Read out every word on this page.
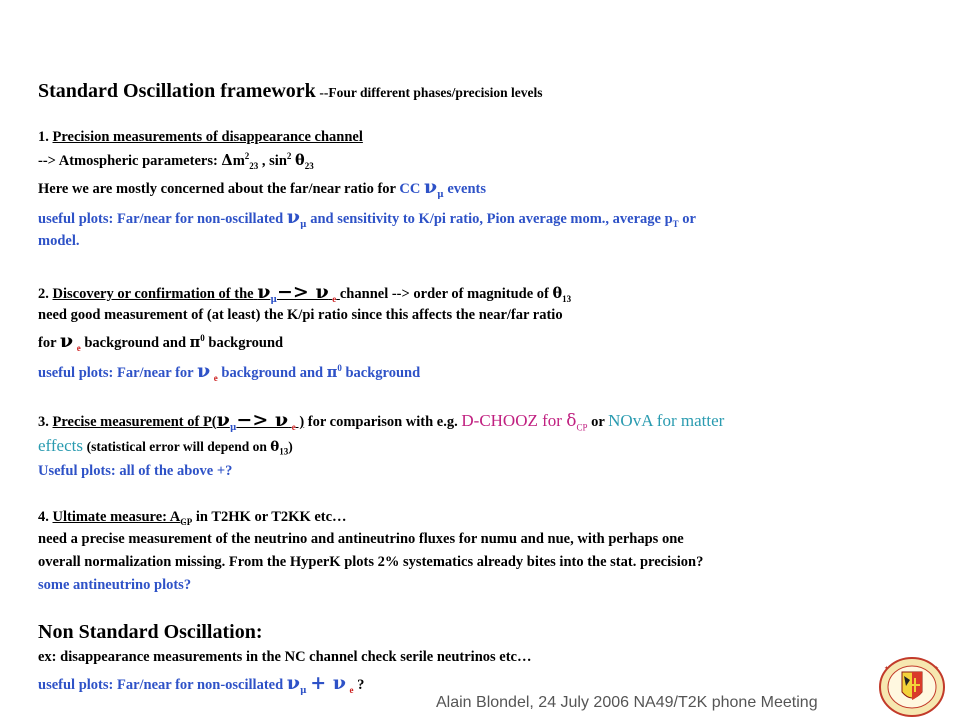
Standard Oscillation framework --Four different phases/precision levels
1. Precision measurements of disappearance channel
--> Atmospheric parameters: $\Delta m^2_{23}$ , $\sin^2 \theta_{23}$
Here we are mostly concerned about the far/near ratio for CC $\nu_\mu$ events
useful plots: Far/near for non-oscillated $\nu_\mu$ and sensitivity to K/pi ratio, Pion average mom., average $p_T$ or
model.
2. Discovery or confirmation of the $\nu_\mu-> \nu$ $_e$ channel --> order of magnitude of $\theta_{13}$
need good measurement of (at least) the K/pi ratio since this affects the near/far ratio
for ν $_e$ background and $\pi^0$ background
useful plots: Far/near for ν $_e$ background and $\pi^0$ background
3. Precise measurement of $P(\nu_\mu-> \nu$ $_e$ ) for comparison with e.g. D-CHOOZ for $\delta_{CP}$ or NOvA for matter
effects (statistical error will depend on $\theta_{13}$)
Useful plots: all of the above +?
4. Ultimate measure: $A_{CP}$ in T2HK or T2KK etc…
need a precise measurement of the neutrino and antineutrino fluxes for numu and nue, with perhaps one
overall normalization missing. From the HyperK plots 2% systematics already bites into the stat. precision?
some antineutrino plots?
Non Standard Oscillation:
ex: disappearance measurements in the NC channel check serile neutrinos etc…
useful plots: Far/near for non-oscillated $\nu_\mu + \nu$ $_e$ ?
Alain Blondel, 24 July 2006 NA49/T2K phone Meeting
✦	✦
